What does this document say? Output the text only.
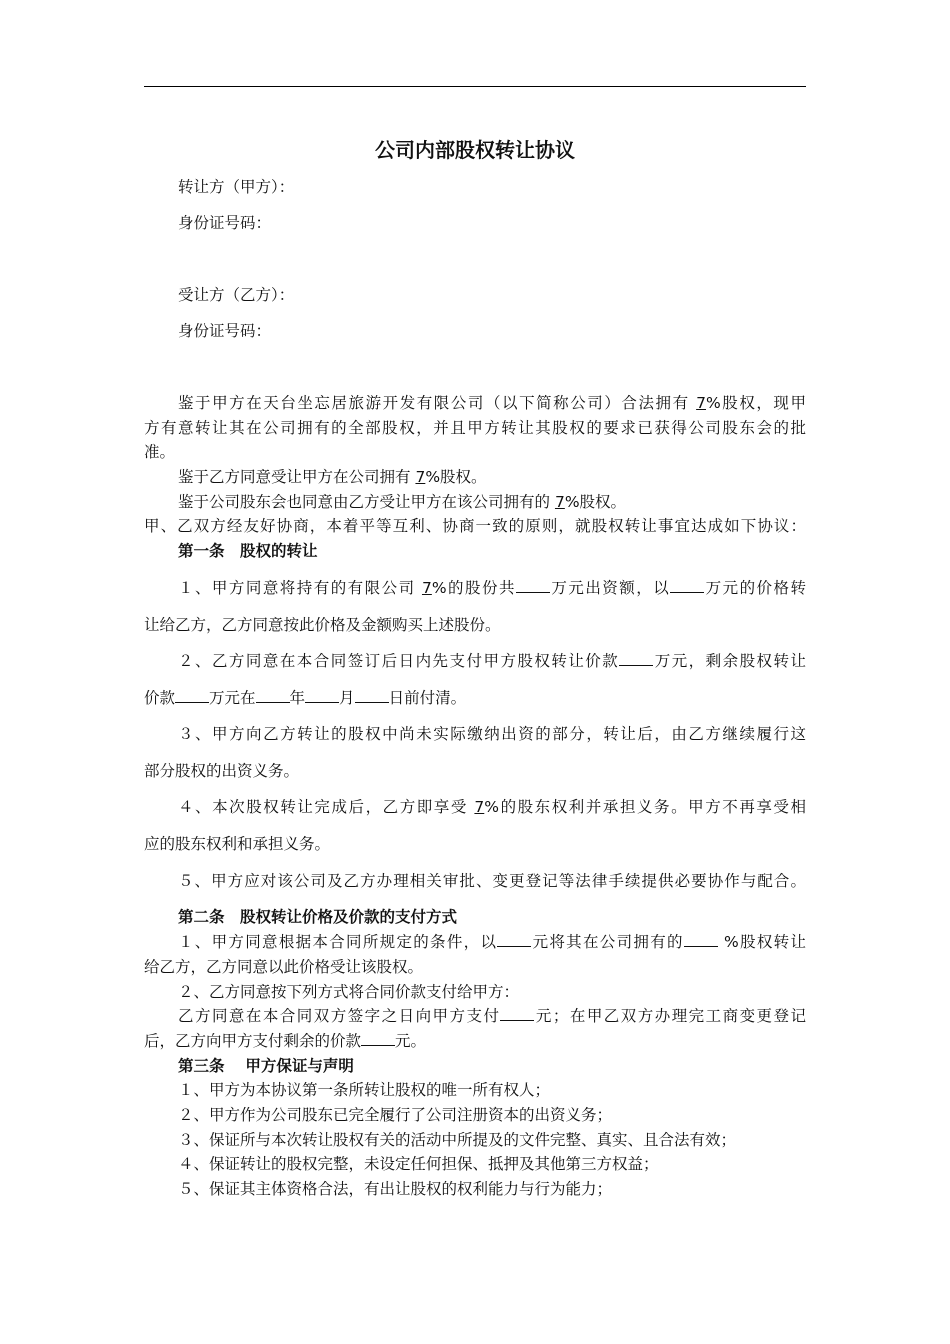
公司内部股权转让协议
转让方（甲方）：
身份证号码：
受让方（乙方）：
身份证号码：
鉴于甲方在天台坐忘居旅游开发有限公司（以下简称公司）合法拥有 7%股权，现甲
方有意转让其在公司拥有的全部股权，并且甲方转让其股权的要求已获得公司股东会的批
准。
鉴于乙方同意受让甲方在公司拥有 7%股权。
鉴于公司股东会也同意由乙方受让甲方在该公司拥有的 7%股权。
甲、乙双方经友好协商，本着平等互利、协商一致的原则，就股权转让事宜达成如下协议：
第一条　股权的转让
１、甲方同意将持有的有限公司 7%的股份共 万元出资额，以 万元的价格转
让给乙方，乙方同意按此价格及金额购买上述股份。
２、乙方同意在本合同签订后日内先支付甲方股权转让价款 万元，剩余股权转让
价款 万元在 年 月 日前付清。
３、甲方向乙方转让的股权中尚未实际缴纳出资的部分，转让后，由乙方继续履行这
部分股权的出资义务。
４、本次股权转让完成后，乙方即享受 7%的股东权利并承担义务。甲方不再享受相
应的股东权利和承担义务。
５、甲方应对该公司及乙方办理相关审批、变更登记等法律手续提供必要协作与配合。
第二条　股权转让价格及价款的支付方式
１、甲方同意根据本合同所规定的条件，以 元将其在公司拥有的 %股权转让
给乙方，乙方同意以此价格受让该股权。
２、乙方同意按下列方式将合同价款支付给甲方：
乙方同意在本合同双方签字之日向甲方支付 元；在甲乙双方办理完工商变更登记
后，乙方向甲方支付剩余的价款 元。
第三条　 甲方保证与声明
１、甲方为本协议第一条所转让股权的唯一所有权人；
２、甲方作为公司股东已完全履行了公司注册资本的出资义务；
３、保证所与本次转让股权有关的活动中所提及的文件完整、真实、且合法有效；
４、保证转让的股权完整，未设定任何担保、抵押及其他第三方权益；
５、保证其主体资格合法，有出让股权的权利能力与行为能力；
